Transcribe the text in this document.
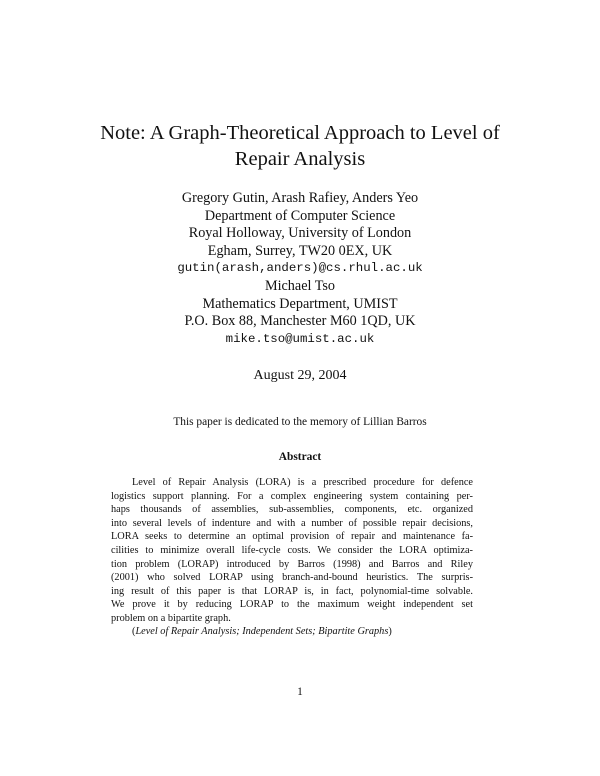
Note: A Graph-Theoretical Approach to Level of
Repair Analysis
Gregory Gutin, Arash Rafiey, Anders Yeo
Department of Computer Science
Royal Holloway, University of London
Egham, Surrey, TW20 0EX, UK
gutin(arash,anders)@cs.rhul.ac.uk
Michael Tso
Mathematics Department, UMIST
P.O. Box 88, Manchester M60 1QD, UK
mike.tso@umist.ac.uk
August 29, 2004
This paper is dedicated to the memory of Lillian Barros
Abstract
Level of Repair Analysis (LORA) is a prescribed procedure for defence
logistics support planning. For a complex engineering system containing per-
haps thousands of assemblies, sub-assemblies, components, etc. organized
into several levels of indenture and with a number of possible repair decisions,
LORA seeks to determine an optimal provision of repair and maintenance fa-
cilities to minimize overall life-cycle costs. We consider the LORA optimiza-
tion problem (LORAP) introduced by Barros (1998) and Barros and Riley
(2001) who solved LORAP using branch-and-bound heuristics. The surpris-
ing result of this paper is that LORAP is, in fact, polynomial-time solvable.
We prove it by reducing LORAP to the maximum weight independent set
problem on a bipartite graph.
(Level of Repair Analysis; Independent Sets; Bipartite Graphs)
1
